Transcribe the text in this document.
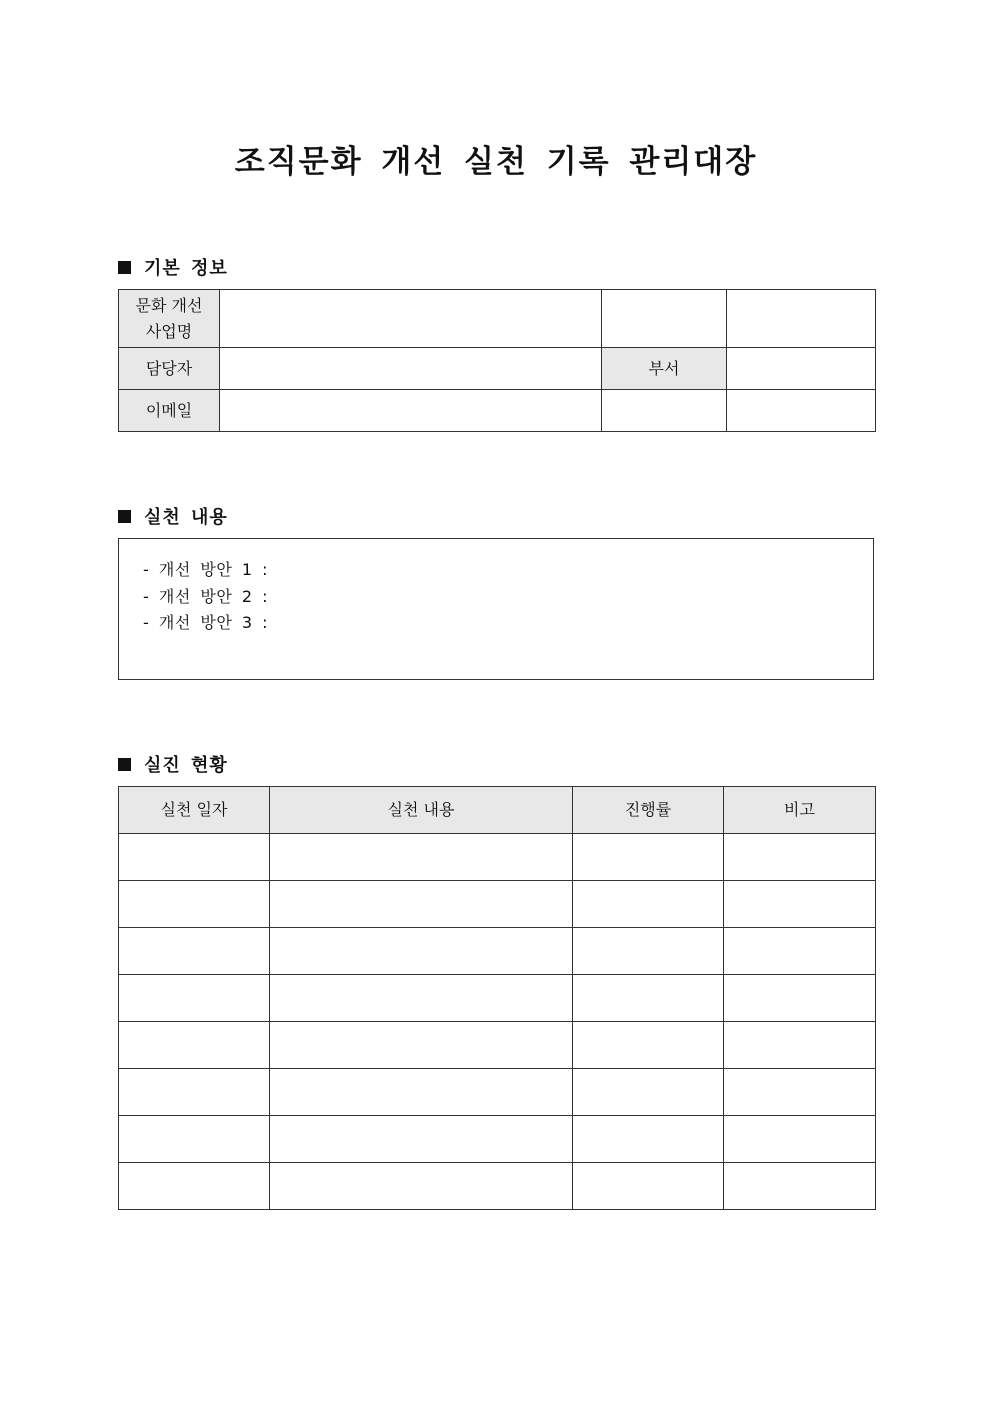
조직문화 개선 실천 기록 관리대장
기본 정보
문화 개선
사업명			
담당자		부서	
이메일			
실천 내용
- 개선 방안 1 :
- 개선 방안 2 :
- 개선 방안 3 :
실진 현황
실천 일자	실천 내용	진행률	비고
